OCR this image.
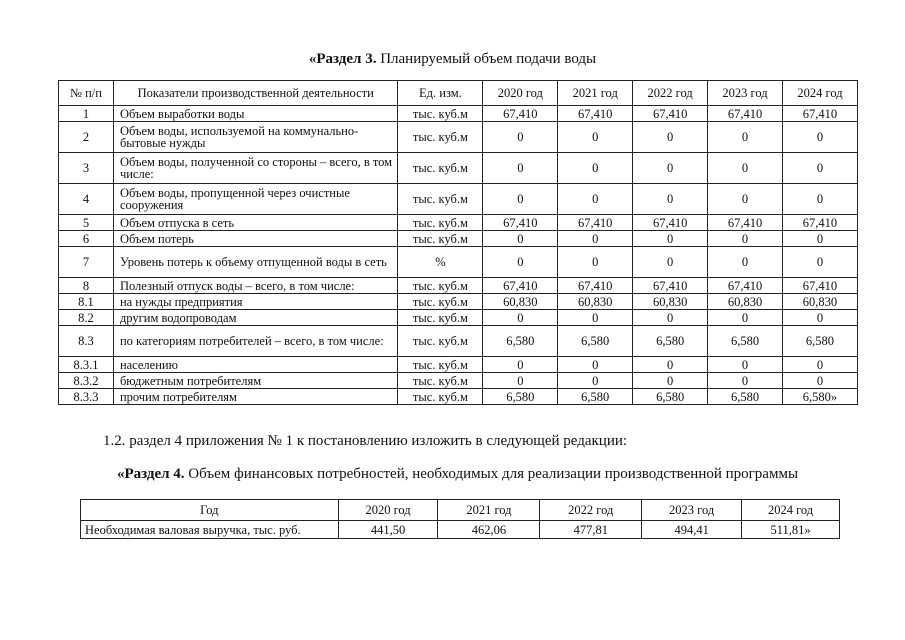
«Раздел 3. Планируемый объем подачи воды
№ п/п	Показатели производственной деятельности	Ед. изм.	2020 год	2021 год	2022 год	2023 год	2024 год
1	Объем выработки воды	тыс. куб.м	67,410	67,410	67,410	67,410	67,410
2	Объем воды, используемой на коммунально-бытовые нужды	тыс. куб.м	0	0	0	0	0
3	Объем воды, полученной со стороны – всего, в том числе:	тыс. куб.м	0	0	0	0	0
4	Объем воды, пропущенной через очистные сооружения	тыс. куб.м	0	0	0	0	0
5	Объем отпуска в сеть	тыс. куб.м	67,410	67,410	67,410	67,410	67,410
6	Объем потерь	тыс. куб.м	0	0	0	0	0
7	Уровень потерь к объему отпущенной воды в сеть	%	0	0	0	0	0
8	Полезный отпуск воды – всего, в том числе:	тыс. куб.м	67,410	67,410	67,410	67,410	67,410
8.1	на нужды предприятия	тыс. куб.м	60,830	60,830	60,830	60,830	60,830
8.2	другим водопроводам	тыс. куб.м	0	0	0	0	0
8.3	по категориям потребителей – всего, в том числе:	тыс. куб.м	6,580	6,580	6,580	6,580	6,580
8.3.1	населению	тыс. куб.м	0	0	0	0	0
8.3.2	бюджетным потребителям	тыс. куб.м	0	0	0	0	0
8.3.3	прочим потребителям	тыс. куб.м	6,580	6,580	6,580	6,580	6,580»
1.2. раздел 4 приложения № 1 к постановлению изложить в следующей редакции:
«Раздел 4. Объем финансовых потребностей, необходимых для реализации производственной программы
Год	2020 год	2021 год	2022 год	2023 год	2024 год
Необходимая валовая выручка, тыс. руб.	441,50	462,06	477,81	494,41	511,81»
